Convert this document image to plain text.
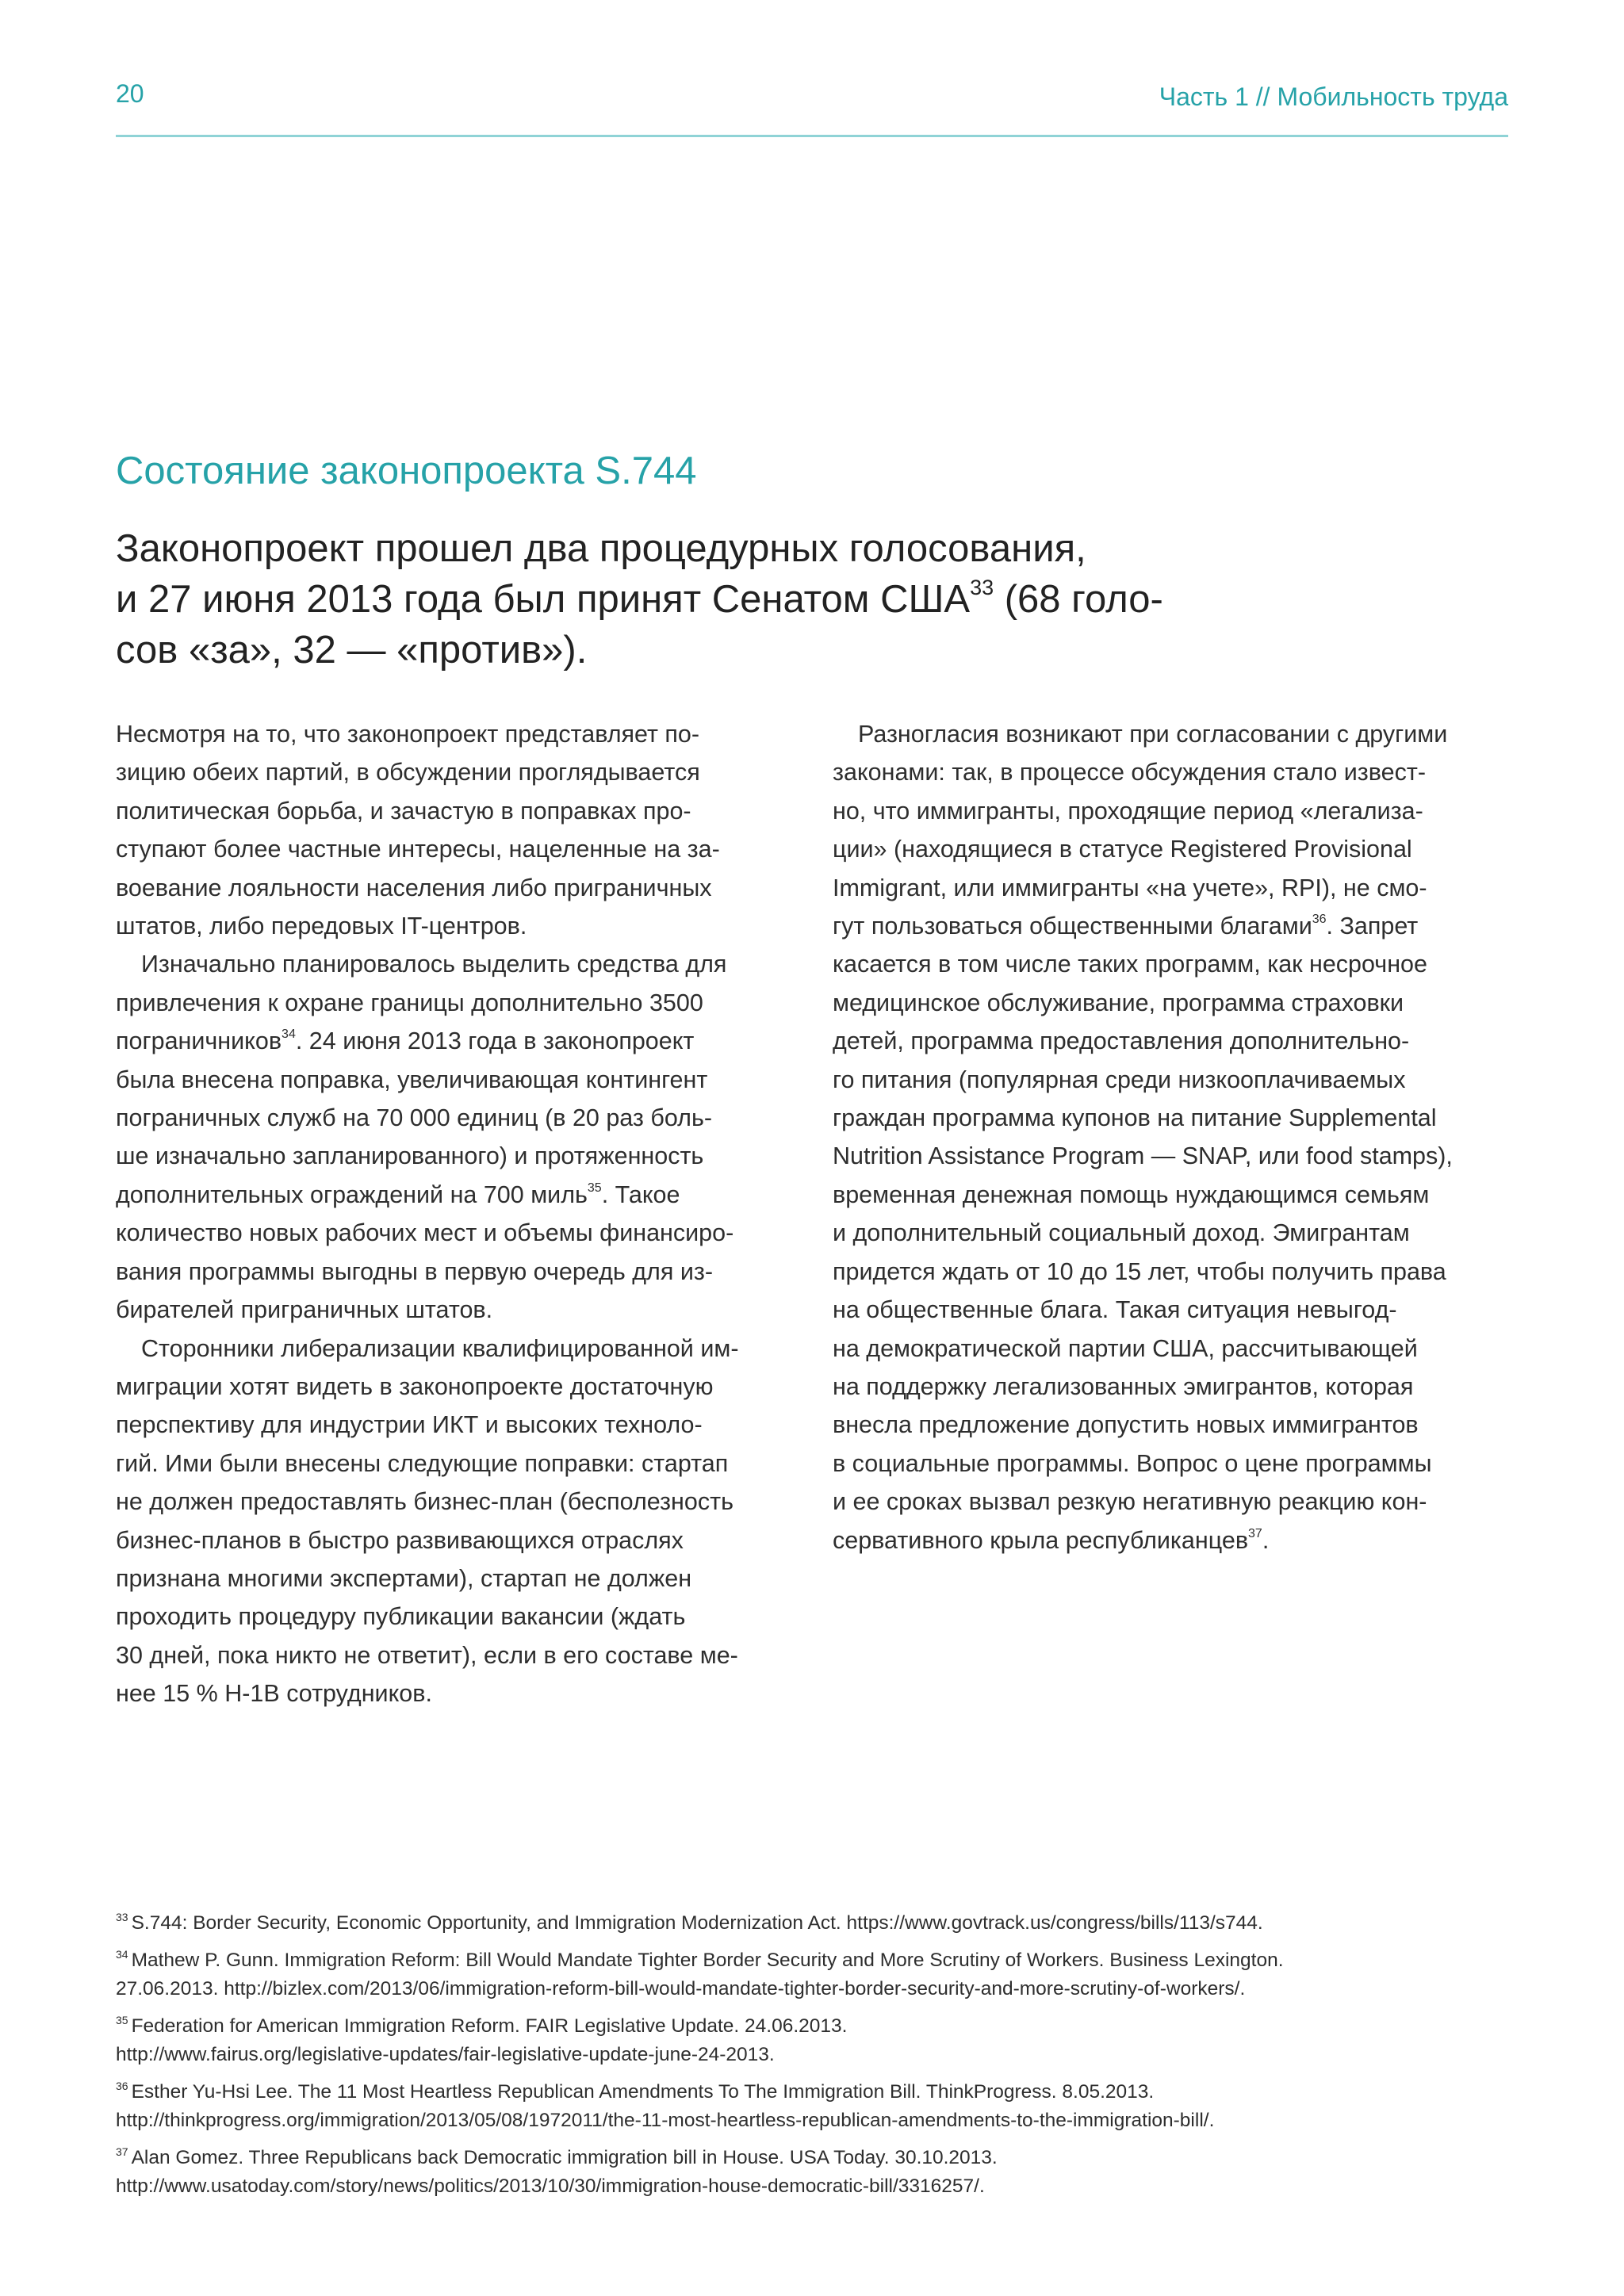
20	Часть 1 // Мобильность труда
Состояние законопроекта S.744

Законопроект прошел два процедурных голосования,
и 27 июня 2013 года был принят Сенатом США$^{33}$ (68 голо-
сов «за», 32 — «против»).

Несмотря на то, что законопроект представляет по-
зицию обеих партий, в обсуждении проглядывается
политическая борьба, и зачастую в поправках про-
ступают более частные интересы, нацеленные на за-
воевание лояльности населения либо приграничных
штатов, либо передовых IT-центров.
Изначально планировалось выделить средства для
привлечения к охране границы дополнительно 3500
пограничников$^{34}$. 24 июня 2013 года в законопроект
была внесена поправка, увеличивающая контингент
пограничных служб на 70 000 единиц (в 20 раз боль-
ше изначально запланированного) и протяженность
дополнительных ограждений на 700 миль$^{35}$. Такое
количество новых рабочих мест и объемы финансиро-
вания программы выгодны в первую очередь для из-
бирателей приграничных штатов.
Сторонники либерализации квалифицированной им-
миграции хотят видеть в законопроекте достаточную
перспективу для индустрии ИКТ и высоких техноло-
гий. Ими были внесены следующие поправки: стартап
не должен предоставлять бизнес-план (бесполезность
бизнес-планов в быстро развивающихся отраслях
признана многими экспертами), стартап не должен
проходить процедуру публикации вакансии (ждать
30 дней, пока никто не ответит), если в его составе ме-
нее 15 % H-1B сотрудников.
Разногласия возникают при согласовании с другими
законами: так, в процессе обсуждения стало извест-
но, что иммигранты, проходящие период «легализа-
ции» (находящиеся в статусе Registered Provisional
Immigrant, или иммигранты «на учете», RPI), не смо-
гут пользоваться общественными благами$^{36}$. Запрет
касается в том числе таких программ, как несрочное
медицинское обслуживание, программа страховки
детей, программа предоставления дополнительно-
го питания (популярная среди низкооплачиваемых
граждан программа купонов на питание Supplemental
Nutrition Assistance Program — SNAP, или food stamps),
временная денежная помощь нуждающимся семьям
и дополнительный социальный доход. Эмигрантам
придется ждать от 10 до 15 лет, чтобы получить права
на общественные блага. Такая ситуация невыгод-
на демократической партии США, рассчитывающей
на поддержку легализованных эмигрантов, которая
внесла предложение допустить новых иммигрантов
в социальные программы. Вопрос о цене программы
и ее сроках вызвал резкую негативную реакцию кон-
сервативного крыла республиканцев$^{37}$.
$^{33}$ S.744: Border Security, Economic Opportunity, and Immigration Modernization Act. https://www.govtrack.us/congress/bills/113/s744.
$^{34}$ Mathew P. Gunn. Immigration Reform: Bill Would Mandate Tighter Border Security and More Scrutiny of Workers. Business Lexington.
27.06.2013. http://bizlex.com/2013/06/immigration-reform-bill-would-mandate-tighter-border-security-and-more-scrutiny-of-workers/.
$^{35}$ Federation for American Immigration Reform. FAIR Legislative Update. 24.06.2013.
http://www.fairus.org/legislative-updates/fair-legislative-update-june-24-2013.
$^{36}$ Esther Yu-Hsi Lee. The 11 Most Heartless Republican Amendments To The Immigration Bill. ThinkProgress. 8.05.2013.
http://thinkprogress.org/immigration/2013/05/08/1972011/the-11-most-heartless-republican-amendments-to-the-immigration-bill/.
$^{37}$ Alan Gomez. Three Republicans back Democratic immigration bill in House. USA Today. 30.10.2013.
http://www.usatoday.com/story/news/politics/2013/10/30/immigration-house-democratic-bill/3316257/.
